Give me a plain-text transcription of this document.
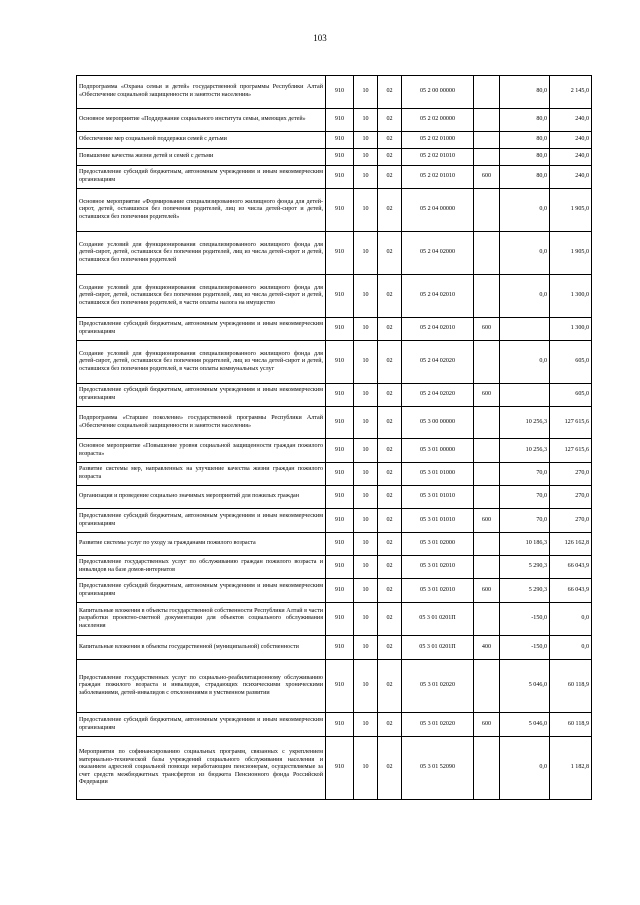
103
Подпрограмма «Охрана семьи и детей» государственной программы Республики Алтай «Обеспечение социальной защищенности и занятости населения»	910	10	02	05 2 00 00000		80,0	2 145,0
Основное мероприятие «Поддержание социального института семьи, имеющих детей»	910	10	02	05 2 02 00000		80,0	240,0
Обеспечение мер социальной поддержки семей с детьми	910	10	02	05 2 02 01000		80,0	240,0
Повышение качества жизни детей и семей с детьми	910	10	02	05 2 02 01010		80,0	240,0
Предоставление субсидий бюджетным, автономным учреждениям и иным некоммерческим организациям	910	10	02	05 2 02 01010	600	80,0	240,0
Основное мероприятие «Формирование специализированного жилищного фонда для детей-сирот, детей, оставшихся без попечения родителей, лиц из числа детей-сирот и детей, оставшихся без попечения родителей»	910	10	02	05 2 04 00000		0,0	1 905,0
Создание условий для функционирования специализированного жилищного фонда для детей-сирот, детей, оставшихся без попечения родителей, лиц из числа детей-сирот и детей, оставшихся без попечения родителей	910	10	02	05 2 04 02000		0,0	1 905,0
Создание условий для функционирования специализированного жилищного фонда для детей-сирот, детей, оставшихся без попечения родителей, лиц из числа детей-сирот и детей, оставшихся без попечения родителей, в части оплаты налога на имущество	910	10	02	05 2 04 02010		0,0	1 300,0
Предоставление субсидий бюджетным, автономным учреждениям и иным некоммерческим организациям	910	10	02	05 2 04 02010	600		1 300,0
Создание условий для функционирования специализированного жилищного фонда для детей-сирот, детей, оставшихся без попечения родителей, лиц из числа детей-сирот и детей, оставшихся без попечения родителей, в части оплаты коммунальных услуг	910	10	02	05 2 04 02020		0,0	605,0
Предоставление субсидий бюджетным, автономным учреждениям и иным некоммерческим организациям	910	10	02	05 2 04 02020	600		605,0
Подпрограмма «Старшее поколение» государственной программы Республики Алтай «Обеспечение социальной защищенности и занятости населения»	910	10	02	05 3 00 00000		10 256,3	127 615,6
Основное мероприятие «Повышение уровня социальной защищенности граждан пожилого возраста»	910	10	02	05 3 01 00000		10 256,3	127 615,6
Развитие системы мер, направленных на улучшение качества жизни граждан пожилого возраста	910	10	02	05 3 01 01000		70,0	270,0
Организация и проведение социально значимых мероприятий для пожилых граждан	910	10	02	05 3 01 01010		70,0	270,0
Предоставление субсидий бюджетным, автономным учреждениям и иным некоммерческим организациям	910	10	02	05 3 01 01010	600	70,0	270,0
Развитие системы услуг по уходу за гражданами пожилого возраста	910	10	02	05 3 01 02000		10 186,3	126 162,8
Предоставление государственных услуг по обслуживанию граждан пожилого возраста и инвалидов на базе домов-интернатов	910	10	02	05 3 01 02010		5 290,3	66 043,9
Предоставление субсидий бюджетным, автономным учреждениям и иным некоммерческим организациям	910	10	02	05 3 01 02010	600	5 290,3	66 043,9
Капитальные вложения в объекты государственной собственности Республики Алтай в части разработки проектно-сметной документации для объектов социального обслуживания населения	910	10	02	05 3 01 0201П		-150,0	0,0
Капитальные вложения в объекты государственной (муниципальной) собственности	910	10	02	05 3 01 0201П	400	-150,0	0,0
Предоставление государственных услуг по социально-реабилитационному обслуживанию граждан пожилого возраста и инвалидов, страдающих психическими хроническими заболеваниями, детей-инвалидов с отклонениями в умственном развитии	910	10	02	05 3 01 02020		5 046,0	60 118,9
Предоставление субсидий бюджетным, автономным учреждениям и иным некоммерческим организациям	910	10	02	05 3 01 02020	600	5 046,0	60 118,9
Мероприятия по софинансированию социальных программ, связанных с укреплением материально-технической базы учреждений социального обслуживания населения и оказанием адресной социальной помощи неработающим пенсионерам, осуществляемые за счет средств межбюджетных трансфертов из бюджета Пенсионного фонда Российской Федерации	910	10	02	05 3 01 52090		0,0	1 182,8
